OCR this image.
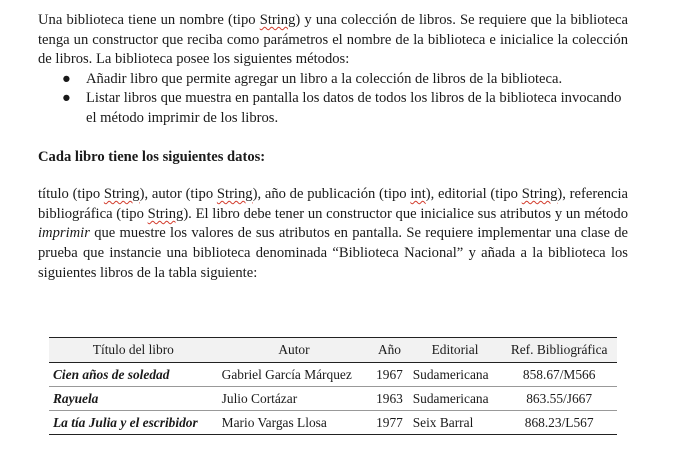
Una biblioteca tiene un nombre (tipo String) y una colección de libros. Se requiere que la biblioteca tenga un constructor que reciba como parámetros el nombre de la biblioteca e inicialice la colección de libros. La biblioteca posee los siguientes métodos:

● Añadir libro que permite agregar un libro a la colección de libros de la biblioteca.
● Listar libros que muestra en pantalla los datos de todos los libros de la biblioteca invocando el método imprimir de los libros.

Cada libro tiene los siguientes datos:

título (tipo String), autor (tipo String), año de publicación (tipo int), editorial (tipo String), referencia bibliográfica (tipo String). El libro debe tener un constructor que inicialice sus atributos y un método imprimir que muestre los valores de sus atributos en pantalla. Se requiere implementar una clase de prueba que instancie una biblioteca denominada “Biblioteca Nacional” y añada a la biblioteca los siguientes libros de la tabla siguiente:

Título del libro	Autor	Año	Editorial	Ref. Bibliográfica
Cien años de soledad	Gabriel García Márquez	1967	Sudamericana	858.67/M566
Rayuela	Julio Cortázar	1963	Sudamericana	863.55/J667
La tía Julia y el escribidor	Mario Vargas Llosa	1977	Seix Barral	868.23/L567
